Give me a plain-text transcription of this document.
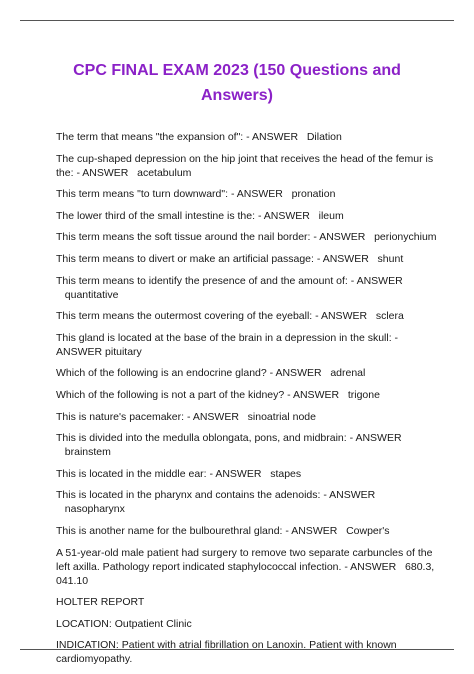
CPC FINAL EXAM 2023 (150 Questions and
Answers)
The term that means "the expansion of": - ANSWER Dilation
The cup-shaped depression on the hip joint that receives the head of the femur is the: - ANSWER acetabulum
This term means "to turn downward": - ANSWER pronation
The lower third of the small intestine is the: - ANSWER ileum
This term means the soft tissue around the nail border: - ANSWER perionychium
This term means to divert or make an artificial passage: - ANSWER shunt
This term means to identify the presence of and the amount of: - ANSWER   quantitative
This term means the outermost covering of the eyeball: - ANSWER sclera
This gland is located at the base of the brain in a depression in the skull: - ANSWER pituitary
Which of the following is an endocrine gland? - ANSWER adrenal
Which of the following is not a part of the kidney? - ANSWER trigone
This is nature's pacemaker: - ANSWER sinoatrial node
This is divided into the medulla oblongata, pons, and midbrain: - ANSWER   brainstem
This is located in the middle ear: - ANSWER stapes
This is located in the pharynx and contains the adenoids: - ANSWER   nasopharynx
This is another name for the bulbourethral gland: - ANSWER Cowper's
A 51-year-old male patient had surgery to remove two separate carbuncles of the left axilla. Pathology report indicated staphylococcal infection. - ANSWER 680.3, 041.10
HOLTER REPORT
LOCATION: Outpatient Clinic
INDICATION: Patient with atrial fibrillation on Lanoxin. Patient with known cardiomyopathy.
